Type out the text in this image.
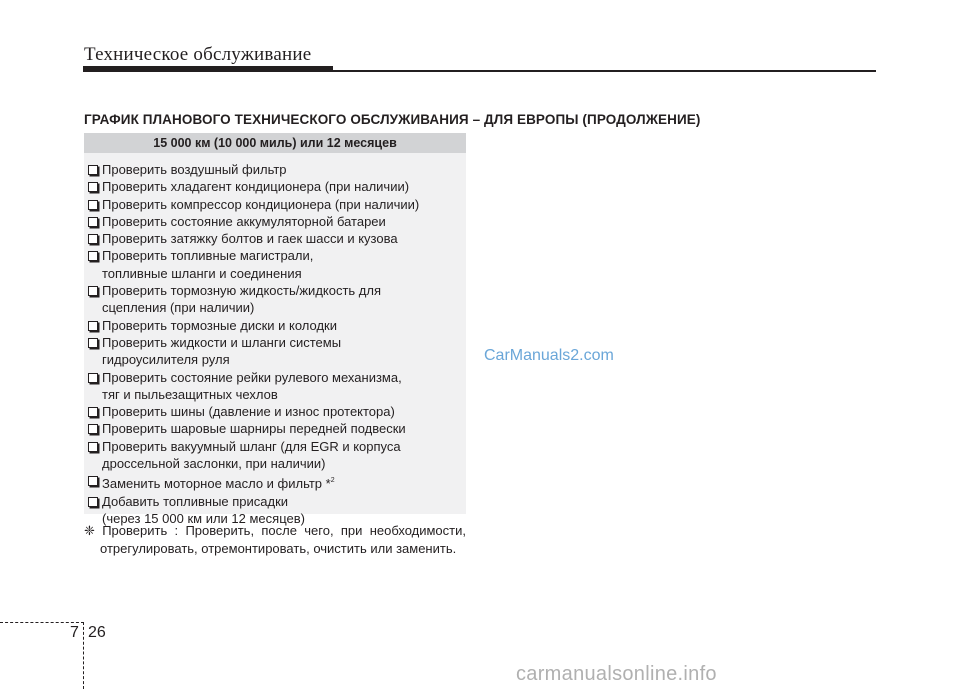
Техническое обслуживание
ГРАФИК ПЛАНОВОГО ТЕХНИЧЕСКОГО ОБСЛУЖИВАНИЯ – ДЛЯ ЕВРОПЫ (ПРОДОЛЖЕНИЕ)
15 000 км (10 000 миль) или 12 месяцев
Проверить воздушный фильтр
Проверить хладагент кондиционера (при наличии)
Проверить компрессор кондиционера (при наличии)
Проверить состояние аккумуляторной батареи
Проверить затяжку болтов и гаек шасси и кузова
Проверить топливные магистрали,
топливные шланги и соединения
Проверить тормозную жидкость/жидкость для
сцепления (при наличии)
Проверить тормозные диски и колодки
Проверить жидкости и шланги системы
гидроусилителя руля
Проверить состояние рейки рулевого механизма,
тяг и пыльезащитных чехлов
Проверить шины (давление и износ протектора)
Проверить шаровые шарниры передней подвески
Проверить вакуумный шланг (для EGR и корпуса
дроссельной заслонки, при наличии)
Заменить моторное масло и фильтр *$^2$
Добавить топливные присадки
(через 15 000 км или 12 месяцев)
❈ Проверить : Проверить, после чего, при необходимости,
отрегулировать, отремонтировать, очистить или заменить.
CarManuals2.com
7 26
carmanualsonline.info
